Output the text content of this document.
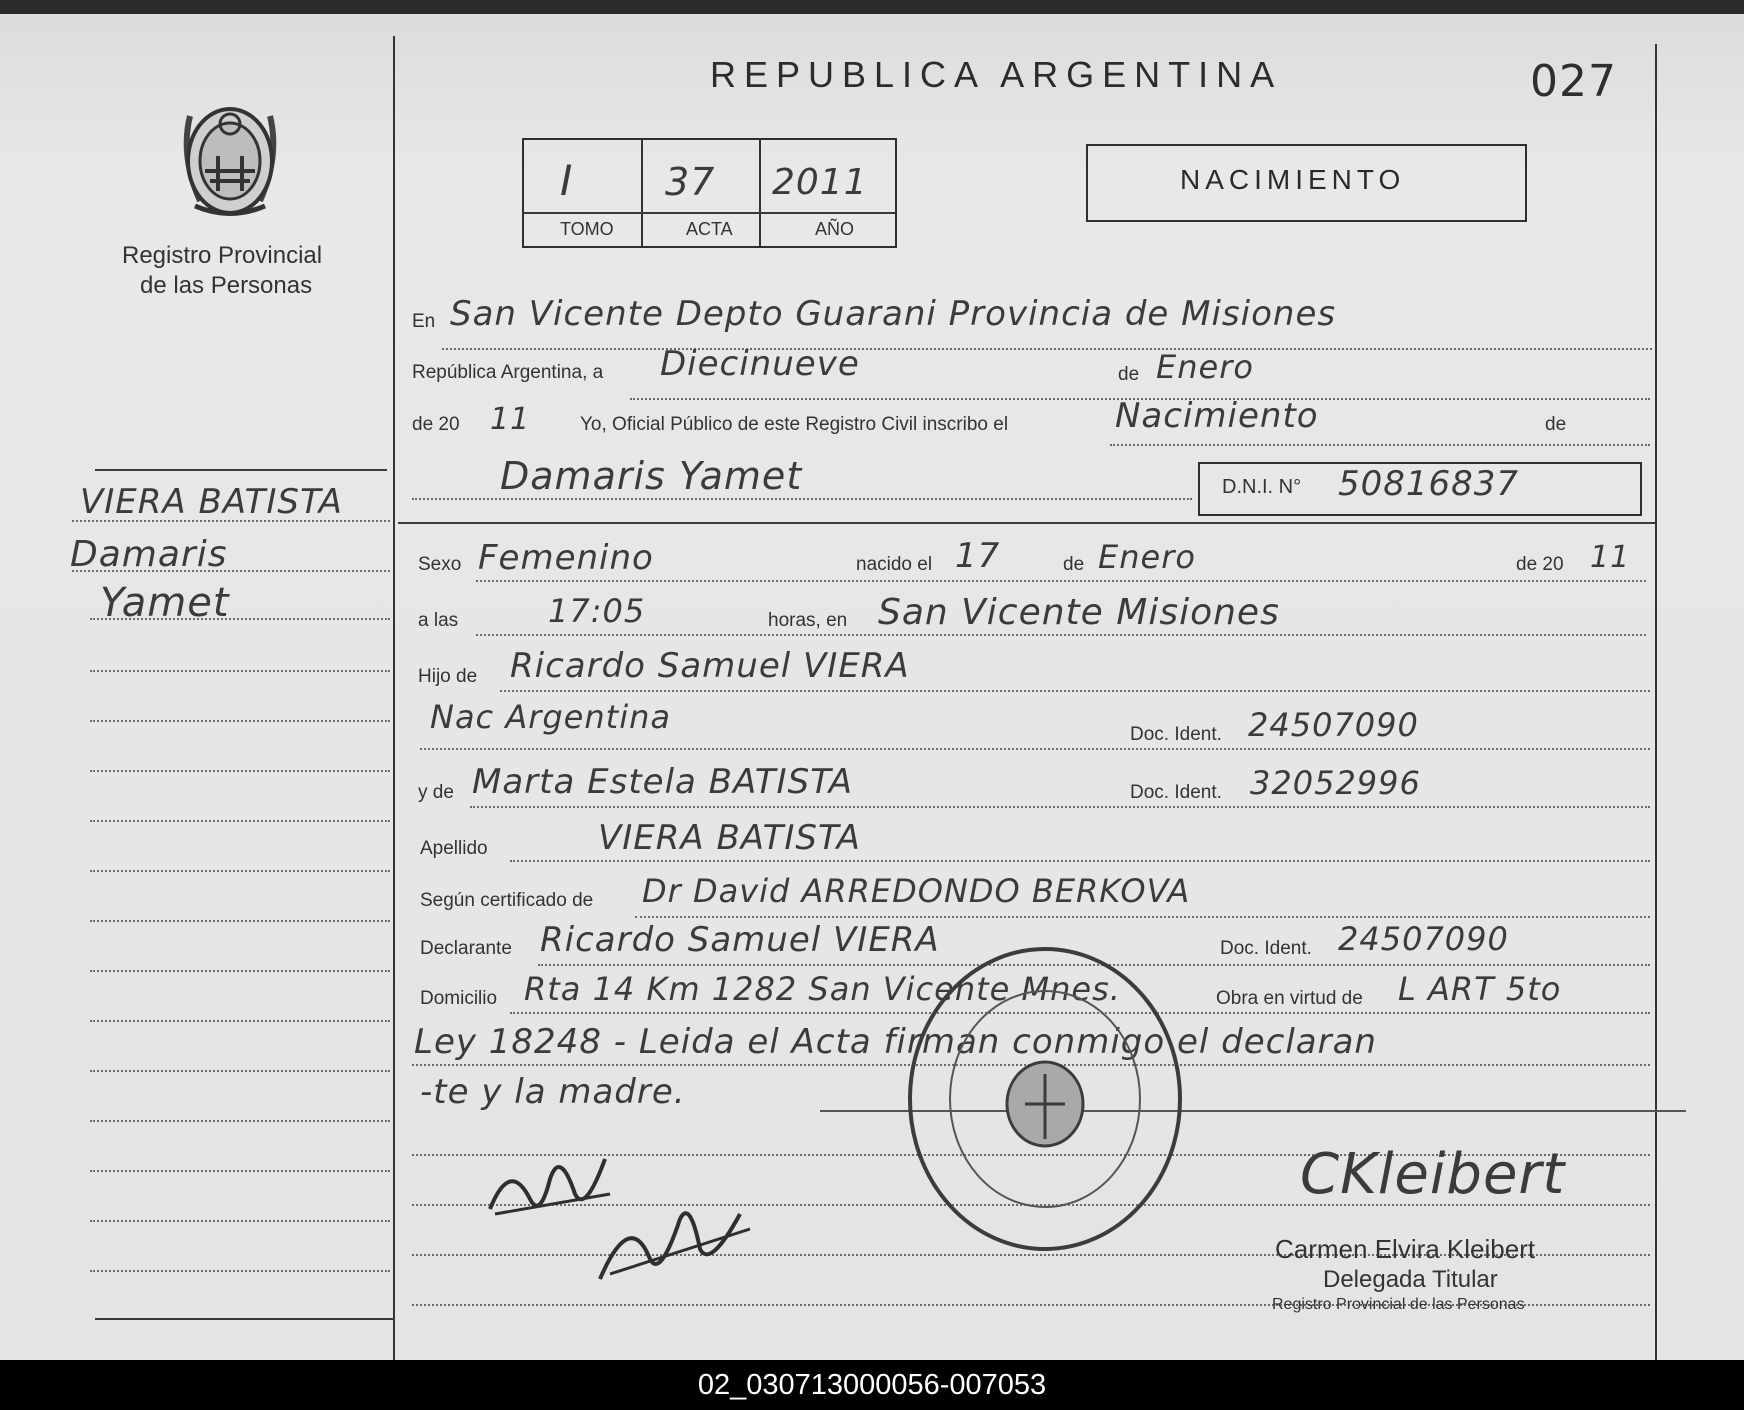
Registro Provincial
de las Personas
REPUBLICA ARGENTINA	027
I 37 2011
TOMO	ACTA	AÑO
NACIMIENTO
VIERA BATISTA
Damaris
Yamet
En San Vicente Depto Guarani Provincia de Misiones
República Argentina, a Diecinueve	de Enero
de 20 11	Yo, Oficial Público de este Registro Civil inscribo el	Nacimiento	de
Damaris Yamet	D.N.I. N° 50816837
Sexo Femenino	nacido el 17	de Enero	de 20 11
a las	17:05	horas, en San Vicente Misiones
Hijo de Ricardo Samuel VIERA
Nac Argentina	Doc. Ident. 24507090
y de Marta Estela BATISTA	Doc. Ident. 32052996
Apellido	VIERA BATISTA
Según certificado de Dr David ARREDONDO BERKOVA
Declarante Ricardo Samuel VIERA	Doc. Ident. 24507090
Domicilio Rta 14 Km 1282 San Vicente Mnes.	Obra en virtud de L ART 5to
Ley 18248 - Leida el Acta firman conmigo el declaran
-te y la madre.
CKleibert
Carmen Elvira Kleibert
Delegada Titular
Registro Provincial de las Personas
02_030713000056-007053
